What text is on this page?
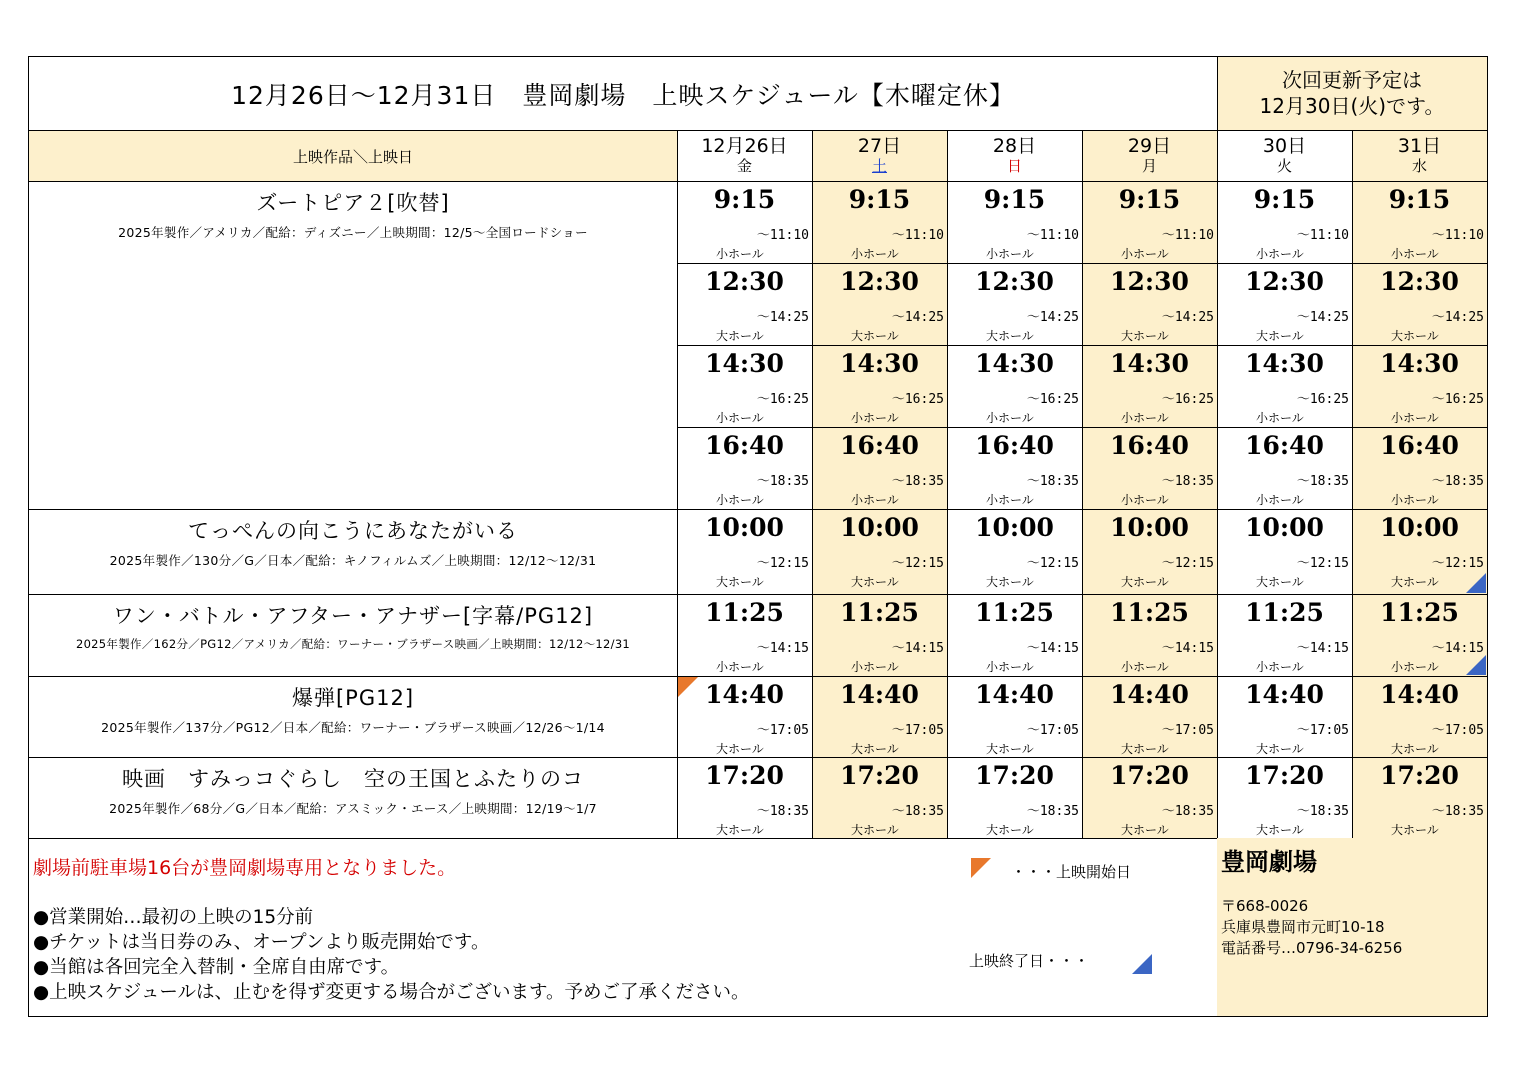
12月26日～12月31日　豊岡劇場　上映スケジュール【木曜定休】
次回更新予定は
12月30日(火)です。
上映作品＼上映日	12月26日
金
27日
土
28日
日
29日
月
30日
火
31日
水
ズートピア２[吹替]
2025年製作／アメリカ／配給：ディズニー／上映期間：12/5～全国ロードショー
てっぺんの向こうにあなたがいる
2025年製作／130分／G／日本／配給：キノフィルムズ／上映期間：12/12～12/31
ワン・バトル・アフター・アナザー[字幕/PG12]
2025年製作／162分／PG12／アメリカ／配給：ワーナー・ブラザース映画／上映期間：12/12～12/31
爆弾[PG12]
2025年製作／137分／PG12／日本／配給：ワーナー・ブラザース映画／12/26～1/14
映画　すみっコぐらし　空の王国とふたりのコ
2025年製作／68分／G／日本／配給：アスミック・エース／上映期間：12/19～1/7
9:15
～11:10
小ホール
9:15
～11:10
小ホール
9:15
～11:10
小ホール
9:15
～11:10
小ホール
9:15
～11:10
小ホール
9:15
～11:10
小ホール
12:30
～14:25
大ホール
12:30
～14:25
大ホール
12:30
～14:25
大ホール
12:30
～14:25
大ホール
12:30
～14:25
大ホール
12:30
～14:25
大ホール
14:30
～16:25
小ホール
14:30
～16:25
小ホール
14:30
～16:25
小ホール
14:30
～16:25
小ホール
14:30
～16:25
小ホール
14:30
～16:25
小ホール
16:40
～18:35
小ホール
16:40
～18:35
小ホール
16:40
～18:35
小ホール
16:40
～18:35
小ホール
16:40
～18:35
小ホール
16:40
～18:35
小ホール
10:00
～12:15
大ホール
10:00
～12:15
大ホール
10:00
～12:15
大ホール
10:00
～12:15
大ホール
10:00
～12:15
大ホール
10:00
～12:15
大ホール
11:25
～14:15
小ホール
11:25
～14:15
小ホール
11:25
～14:15
小ホール
11:25
～14:15
小ホール
11:25
～14:15
小ホール
11:25
～14:15
小ホール
14:40
～17:05
大ホール
14:40
～17:05
大ホール
14:40
～17:05
大ホール
14:40
～17:05
大ホール
14:40
～17:05
大ホール
14:40
～17:05
大ホール
17:20
～18:35
大ホール
17:20
～18:35
大ホール
17:20
～18:35
大ホール
17:20
～18:35
大ホール
17:20
～18:35
大ホール
17:20
～18:35
大ホール
劇場前駐車場16台が豊岡劇場専用となりました。
●営業開始…最初の上映の15分前
●チケットは当日券のみ、オープンより販売開始です。
●当館は各回完全入替制・全席自由席です。
●上映スケジュールは、止むを得ず変更する場合がございます。予めご了承ください。
・・・上映開始日
上映終了日・・・
豊岡劇場
〒668-0026
兵庫県豊岡市元町10-18
電話番号…0796-34-6256
